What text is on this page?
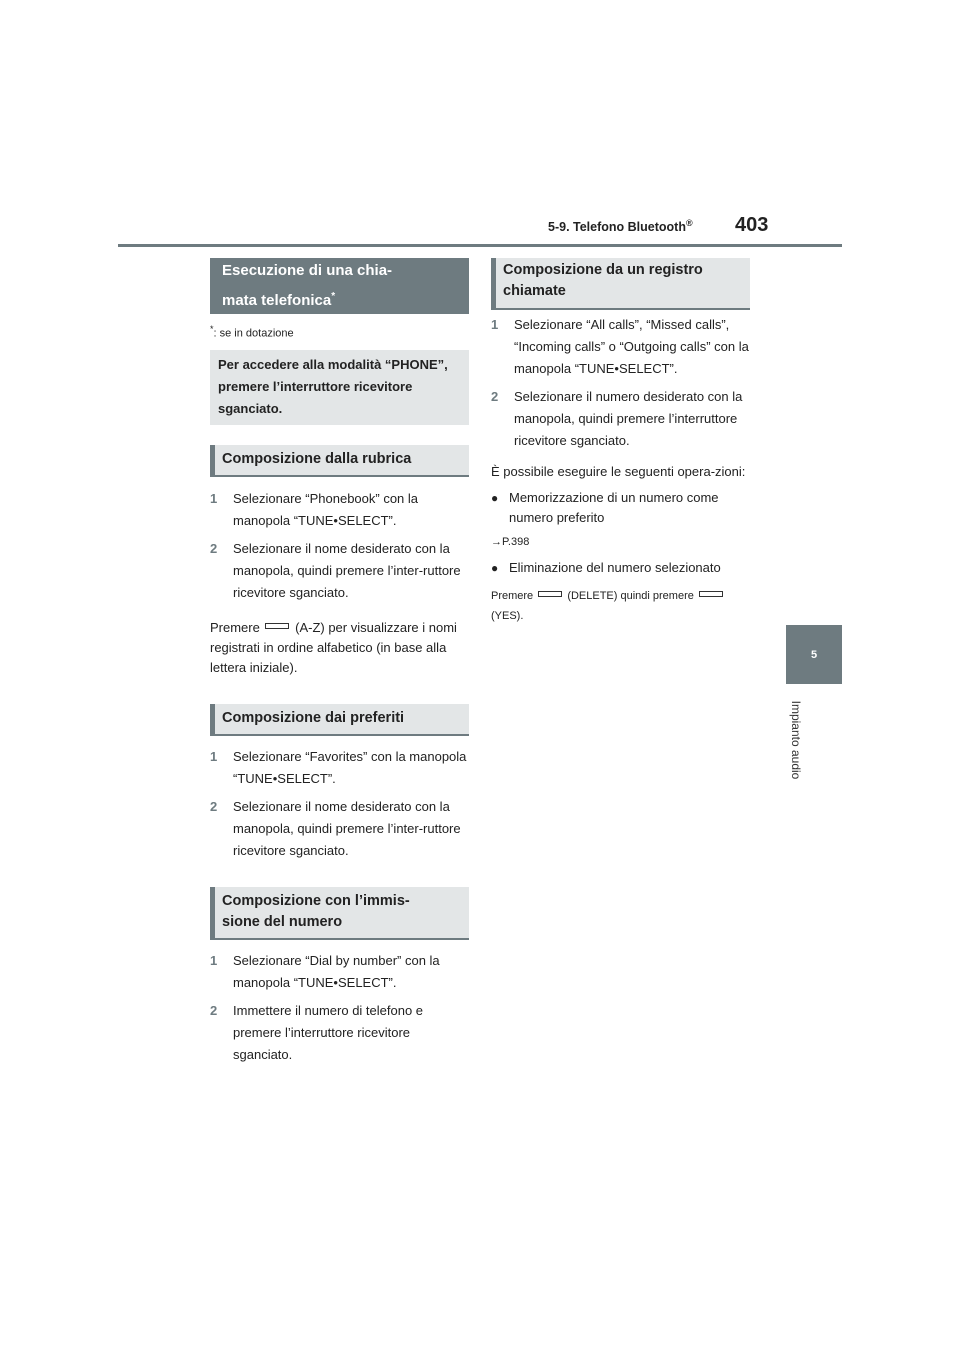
5-9. Telefono Bluetooth® 403
5
Impianto audio
Esecuzione di una chia-
mata telefonica*
*: se in dotazione
Per accedere alla modalità “PHONE”, premere l’interruttore ricevitore sganciato.
Composizione dalla rubrica
1	Selezionare “Phonebook” con la manopola “TUNE•SELECT”.
2	Selezionare il nome desiderato con la manopola, quindi premere l’inter-ruttore ricevitore sganciato.
Premere	(A-Z) per visualizzare i nomi registrati in ordine alfabetico (in base alla lettera iniziale).
Composizione dai preferiti
1	Selezionare “Favorites” con la manopola “TUNE•SELECT”.
2	Selezionare il nome desiderato con la manopola, quindi premere l’inter-ruttore ricevitore sganciato.
Composizione con l’immis-
sione del numero
1	Selezionare “Dial by number” con la manopola “TUNE•SELECT”.
2	Immettere il numero di telefono e premere l’interruttore ricevitore sganciato.
Composizione da un registro chiamate
1	Selezionare “All calls”, “Missed calls”, “Incoming calls” o “Outgoing calls” con la manopola “TUNE•SELECT”.
2	Selezionare il numero desiderato con la manopola, quindi premere l’interruttore ricevitore sganciato.
È possibile eseguire le seguenti opera-zioni:
● Memorizzazione di un numero come numero preferito
→P.398
● Eliminazione del numero selezionato
Premere	(DELETE) quindi premere
(YES).
